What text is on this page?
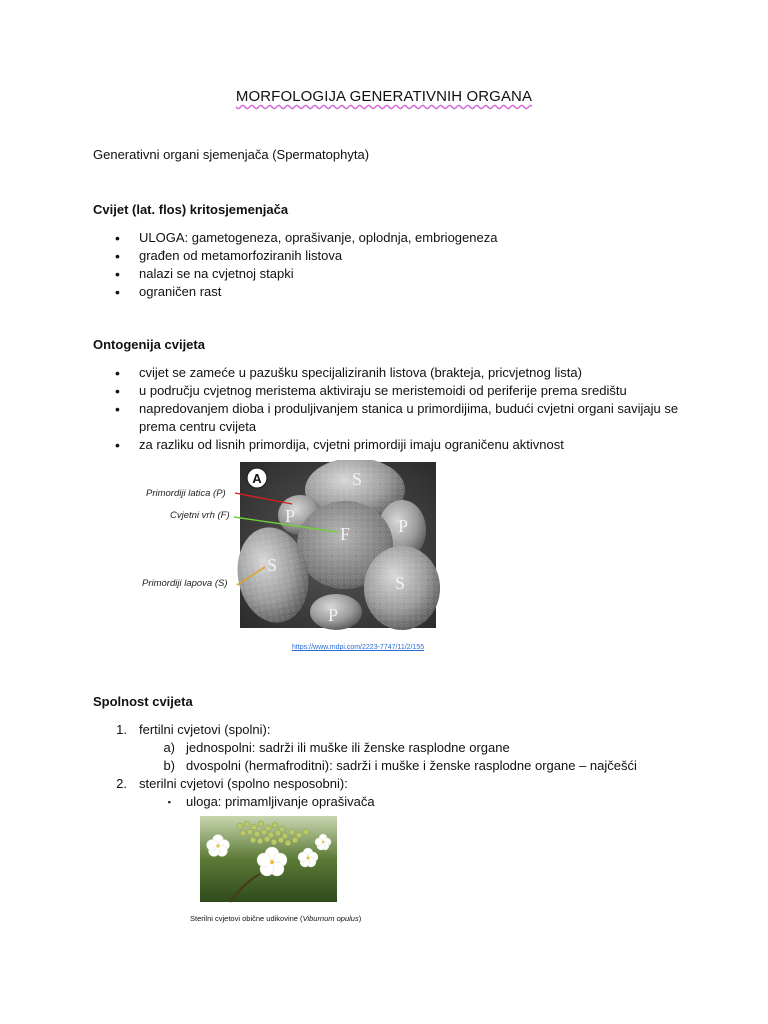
MORFOLOGIJA GENERATIVNIH ORGANA
Generativni organi sjemenjača (Spermatophyta)
Cvijet (lat. flos) kritosjemenjača
• ULOGA: gametogeneza, oprašivanje, oplodnja, embriogeneza
• građen od metamorfoziranih listova
• nalazi se na cvjetnoj stapki
• ograničen rast
Ontogenija cvijeta
• cvijet se zameće u pazušku specijaliziranih listova (brakteja, pricvjetnog lista)
• u području cvjetnog meristema aktiviraju se meristemoidi od periferije prema središtu
• napredovanjem dioba i produljivanjem stanica u primordijima, budući cvjetni organi savijaju se prema centru cvijeta
• za razliku od lisnih primordija, cvjetni primordiji imaju ograničenu aktivnost
A	S
P	P
F
S
S
P
Primordiji latica (P)
Cvjetni vrh (F)
Primordiji lapova (S)
https://www.mdpi.com/2223-7747/11/2/155
Spolnost cvijeta
1. fertilni cvjetovi (spolni):
a) jednospolni: sadrži ili muške ili ženske rasplodne organe
b) dvospolni (hermafroditni): sadrži i muške i ženske rasplodne organe – najčešći
2. sterilni cvjetovi (spolno nesposobni):
▪ uloga: primamljivanje oprašivača
Sterilni cvjetovi obične udikovine (Viburnum opulus)
